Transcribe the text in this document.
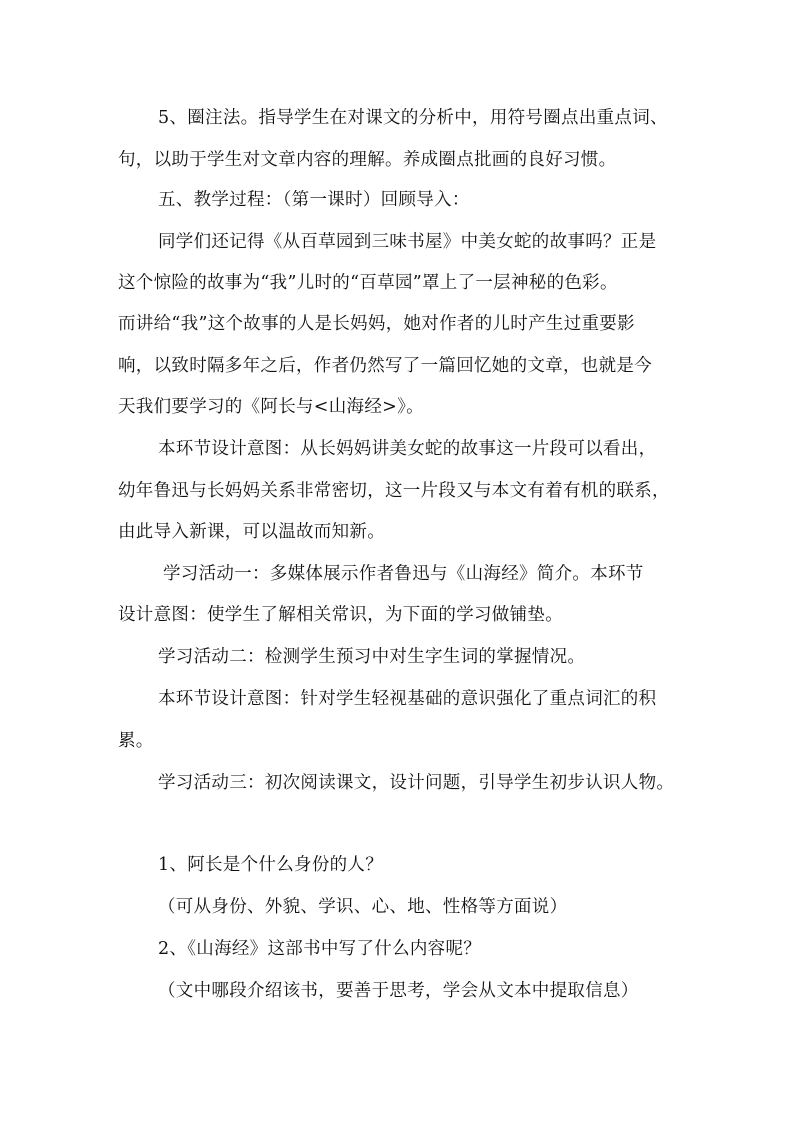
5、圈注法。指导学生在对课文的分析中，用符号圈点出重点词、
句，以助于学生对文章内容的理解。养成圈点批画的良好习惯。
五、教学过程：（第一课时）回顾导入：
同学们还记得《从百草园到三味书屋》中美女蛇的故事吗？正是
这个惊险的故事为“我”儿时的“百草园”罩上了一层神秘的色彩。
而讲给“我”这个故事的人是长妈妈，她对作者的儿时产生过重要影
响，以致时隔多年之后，作者仍然写了一篇回忆她的文章，也就是今
天我们要学习的《阿长与<山海经>》。
本环节设计意图：从长妈妈讲美女蛇的故事这一片段可以看出，
幼年鲁迅与长妈妈关系非常密切，这一片段又与本文有着有机的联系，
由此导入新课，可以温故而知新。
学习活动一：多媒体展示作者鲁迅与《山海经》简介。本环节
设计意图：使学生了解相关常识，为下面的学习做铺垫。
学习活动二：检测学生预习中对生字生词的掌握情况。
本环节设计意图：针对学生轻视基础的意识强化了重点词汇的积
累。
学习活动三：初次阅读课文，设计问题，引导学生初步认识人物。
1、阿长是个什么身份的人？
（可从身份、外貌、学识、心、地、性格等方面说）
2、《山海经》这部书中写了什么内容呢？
（文中哪段介绍该书，要善于思考，学会从文本中提取信息）
